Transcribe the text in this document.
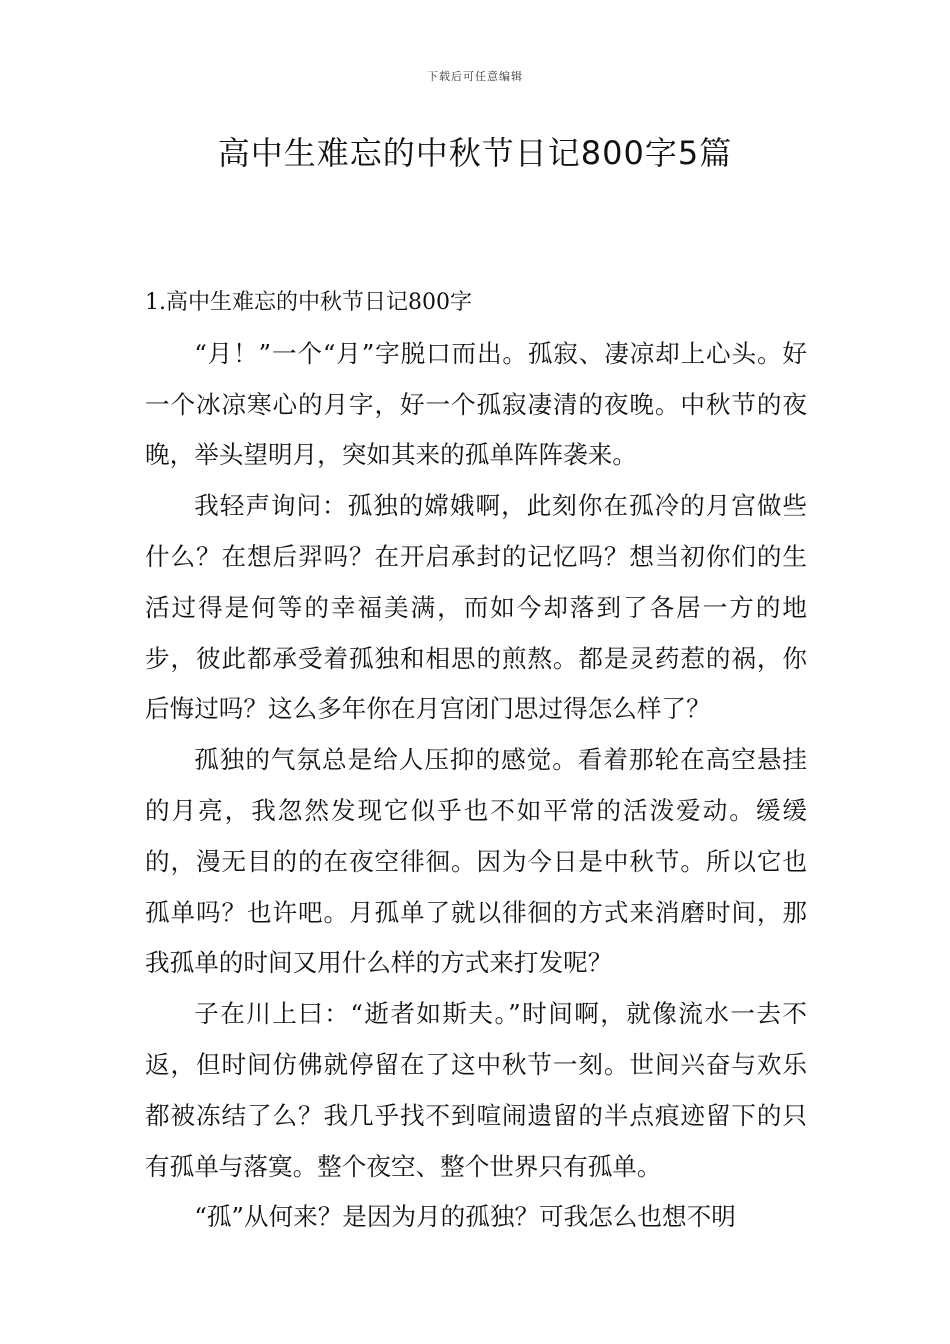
下载后可任意编辑
高中生难忘的中秋节日记800字5篇
1.高中生难忘的中秋节日记800字

“月！”一个“月”字脱口而出。孤寂、凄凉却上心头。好一个冰凉寒心的月字，好一个孤寂凄清的夜晚。中秋节的夜晚，举头望明月，突如其来的孤单阵阵袭来。

我轻声询问：孤独的嫦娥啊，此刻你在孤冷的月宫做些什么？在想后羿吗？在开启承封的记忆吗？想当初你们的生活过得是何等的幸福美满，而如今却落到了各居一方的地步，彼此都承受着孤独和相思的煎熬。都是灵药惹的祸，你后悔过吗？这么多年你在月宫闭门思过得怎么样了？

孤独的气氛总是给人压抑的感觉。看着那轮在高空悬挂的月亮，我忽然发现它似乎也不如平常的活泼爱动。缓缓的，漫无目的的在夜空徘徊。因为今日是中秋节。所以它也孤单吗？也许吧。月孤单了就以徘徊的方式来消磨时间，那我孤单的时间又用什么样的方式来打发呢？

子在川上曰：“逝者如斯夫。”时间啊，就像流水一去不返，但时间仿佛就停留在了这中秋节一刻。世间兴奋与欢乐都被冻结了么？我几乎找不到喧闹遗留的半点痕迹留下的只有孤单与落寞。整个夜空、整个世界只有孤单。

“孤”从何来？是因为月的孤独？可我怎么也想不明
